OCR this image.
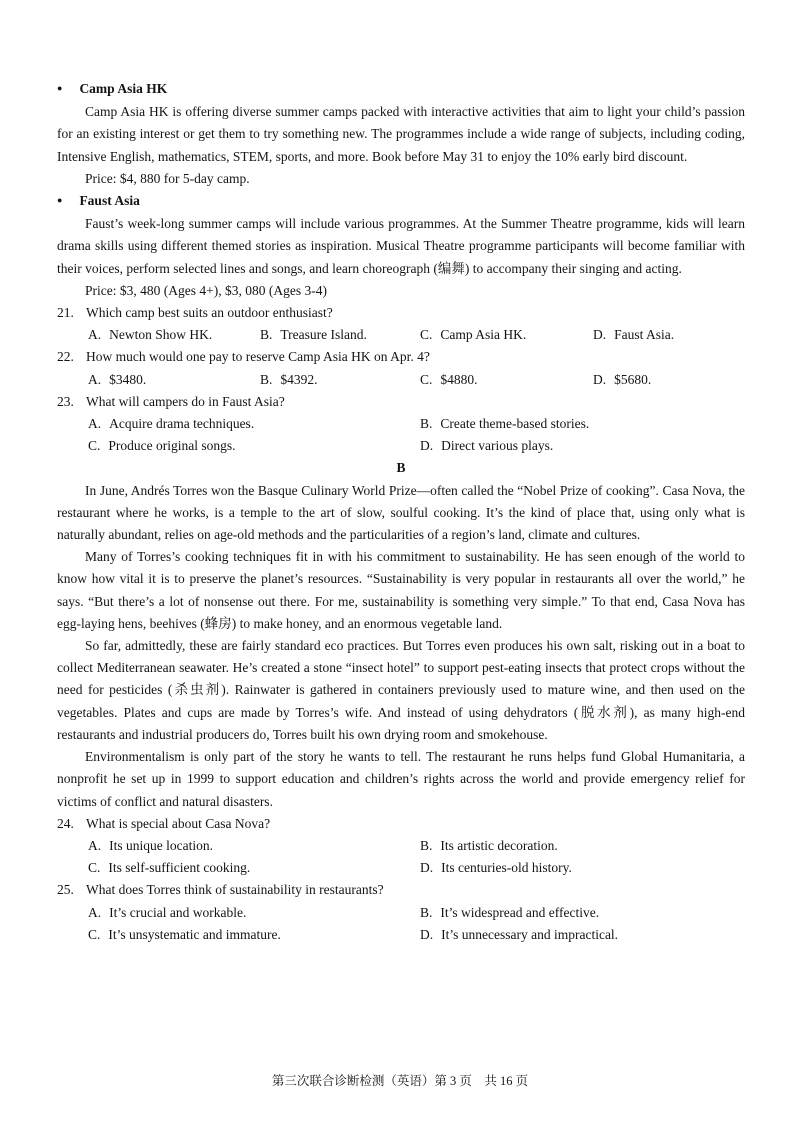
● Camp Asia HK

Camp Asia HK is offering diverse summer camps packed with interactive activities that aim to light your child’s passion for an existing interest or get them to try something new. The programmes include a wide range of subjects, including coding, Intensive English, mathematics, STEM, sports, and more. Book before May 31 to enjoy the 10% early bird discount.

Price: $4, 880 for 5-day camp.

● Faust Asia

Faust’s week-long summer camps will include various programmes. At the Summer Theatre programme, kids will learn drama skills using different themed stories as inspiration. Musical Theatre programme participants will become familiar with their voices, perform selected lines and songs, and learn choreograph (编舞) to accompany their singing and acting.

Price: $3, 480 (Ages 4+), $3, 080 (Ages 3-4)

21. Which camp best suits an outdoor enthusiast?
A. Newton Show HK.	B. Treasure Island.	C. Camp Asia HK.	D. Faust Asia.
22. How much would one pay to reserve Camp Asia HK on Apr. 4?
A. $3480.	B. $4392.	C. $4880.	D. $5680.
23. What will campers do in Faust Asia?
A. Acquire drama techniques.	B. Create theme-based stories.
C. Produce original songs.	D. Direct various plays.

B

In June, Andrés Torres won the Basque Culinary World Prize—often called the “Nobel Prize of cooking”. Casa Nova, the restaurant where he works, is a temple to the art of slow, soulful cooking. It’s the kind of place that, using only what is naturally abundant, relies on age-old methods and the particularities of a region’s land, climate and cultures.

Many of Torres’s cooking techniques fit in with his commitment to sustainability. He has seen enough of the world to know how vital it is to preserve the planet’s resources. “Sustainability is very popular in restaurants all over the world,” he says. “But there’s a lot of nonsense out there. For me, sustainability is something very simple.” To that end, Casa Nova has egg-laying hens, beehives (蜂房) to make honey, and an enormous vegetable land.

So far, admittedly, these are fairly standard eco practices. But Torres even produces his own salt, risking out in a boat to collect Mediterranean seawater. He’s created a stone “insect hotel” to support pest-eating insects that protect crops without the need for pesticides (杀虫剂). Rainwater is gathered in containers previously used to mature wine, and then used on the vegetables. Plates and cups are made by Torres’s wife. And instead of using dehydrators (脱水剂), as many high-end restaurants and industrial producers do, Torres built his own drying room and smokehouse.

Environmentalism is only part of the story he wants to tell. The restaurant he runs helps fund Global Humanitaria, a nonprofit he set up in 1999 to support education and children’s rights across the world and provide emergency relief for victims of conflict and natural disasters.

24. What is special about Casa Nova?
A. Its unique location.	B. Its artistic decoration.
C. Its self-sufficient cooking.	D. Its centuries-old history.
25. What does Torres think of sustainability in restaurants?
A. It’s crucial and workable.	B. It’s widespread and effective.
C. It’s unsystematic and immature.	D. It’s unnecessary and impractical.
第三次联合诊断检测（英语）第 3 页　共 16 页
